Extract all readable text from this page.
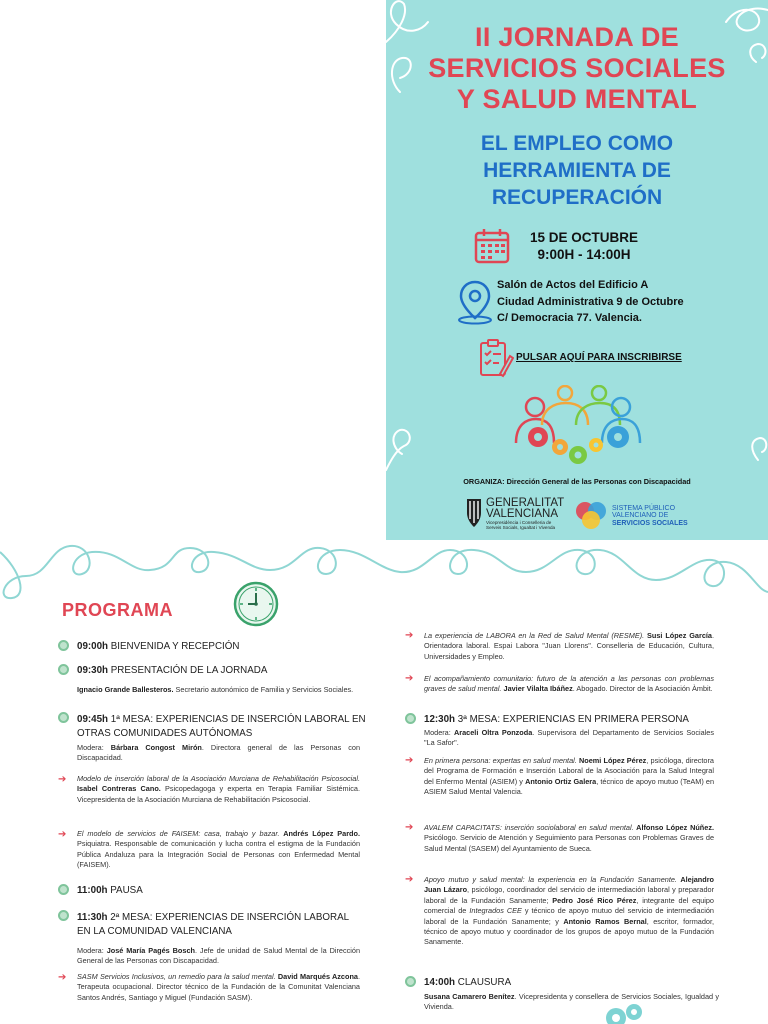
II JORNADA DE
SERVICIOS SOCIALES
Y SALUD MENTAL
EL EMPLEO COMO
HERRAMIENTA DE
RECUPERACIÓN
15 DE OCTUBRE
9:00H - 14:00H
Salón de Actos del Edificio A
Ciudad Administrativa 9 de Octubre
C/ Democracia 77. Valencia.
PULSAR AQUÍ PARA INSCRIBIRSE
ORGANIZA: Dirección General de las Personas con Discapacidad
GENERALITAT
VALENCIANA
Vicepresidència i Conselleria de Serveis Socials, Igualtat i Vivenda
SISTEMA PÚBLICO
VALENCIANO DE
SERVICIOS SOCIALES
PROGRAMA
09:00h BIENVENIDA Y RECEPCIÓN
09:30h PRESENTACIÓN DE LA JORNADA
Ignacio Grande Ballesteros. Secretario autonómico de Familia y Servicios Sociales.
09:45h 1ª MESA: EXPERIENCIAS DE INSERCIÓN LABORAL EN
OTRAS COMUNIDADES AUTÓNOMAS
Modera: Bárbara Congost Mirón. Directora general de las Personas con Discapacidad.
➔ Modelo de inserción laboral de la Asociación Murciana de Rehabilitación Psicosocial. Isabel Contreras Cano. Psicopedagoga y experta en Terapia Familiar Sistémica. Vicepresidenta de la Asociación Murciana de Rehabilitación Psicosocial.
➔ El modelo de servicios de FAISEM: casa, trabajo y bazar. Andrés López Pardo. Psiquiatra. Responsable de comunicación y lucha contra el estigma de la Fundación Pública Andaluza para la Integración Social de Personas con Enfermedad Mental (FAISEM).
11:00h PAUSA
11:30h 2ª MESA: EXPERIENCIAS DE INSERCIÓN LABORAL
EN LA COMUNIDAD VALENCIANA
Modera: José María Pagés Bosch. Jefe de unidad de Salud Mental de la Dirección General de las Personas con Discapacidad.
➔ SASM Servicios Inclusivos, un remedio para la salud mental. David Marqués Azcona. Terapeuta ocupacional. Director técnico de la Fundación de la Comunitat Valenciana Santos Andrés, Santiago y Miguel (Fundación SASM).
➔ La experiencia de LABORA en la Red de Salud Mental (RESME). Susi López García. Orientadora laboral. Espai Labora "Juan Llorens". Conselleria de Educación, Cultura, Universidades y Empleo.
➔ El acompañamiento comunitario: futuro de la atención a las personas con problemas graves de salud mental. Javier Vilalta Ibáñez. Abogado. Director de la Asociación Àmbit.
12:30h 3ª MESA: EXPERIENCIAS EN PRIMERA PERSONA
Modera: Araceli Oltra Ponzoda. Supervisora del Departamento de Servicios Sociales "La Safor".
➔ En primera persona: expertas en salud mental. Noemi López Pérez, psicóloga, directora del Programa de Formación e Inserción Laboral de la Asociación para la Salud Integral del Enfermo Mental (ASIEM) y Antonio Ortiz Galera, técnico de apoyo mutuo (TeAM) en ASIEM Salud Mental Valencia.
➔ AVALEM CAPACITATS: inserción sociolaboral en salud mental. Alfonso López Núñez. Psicólogo. Servicio de Atención y Seguimiento para Personas con Problemas Graves de Salud Mental (SASEM) del Ayuntamiento de Sueca.
➔ Apoyo mutuo y salud mental: la experiencia en la Fundación Sanamente. Alejandro Juan Lázaro, psicólogo, coordinador del servicio de intermediación laboral y preparador laboral de la Fundación Sanamente; Pedro José Rico Pérez, integrante del equipo comercial de Integrados CEE y técnico de apoyo mutuo del servicio de intermediación laboral de la Fundación Sanamente; y Antonio Ramos Bernal, escritor, formador, técnico de apoyo mutuo y coordinador de los grupos de apoyo mutuo de la Fundación Sanamente.
14:00h CLAUSURA
Susana Camarero Benítez. Vicepresidenta y consellera de Servicios Sociales, Igualdad y Vivienda.
